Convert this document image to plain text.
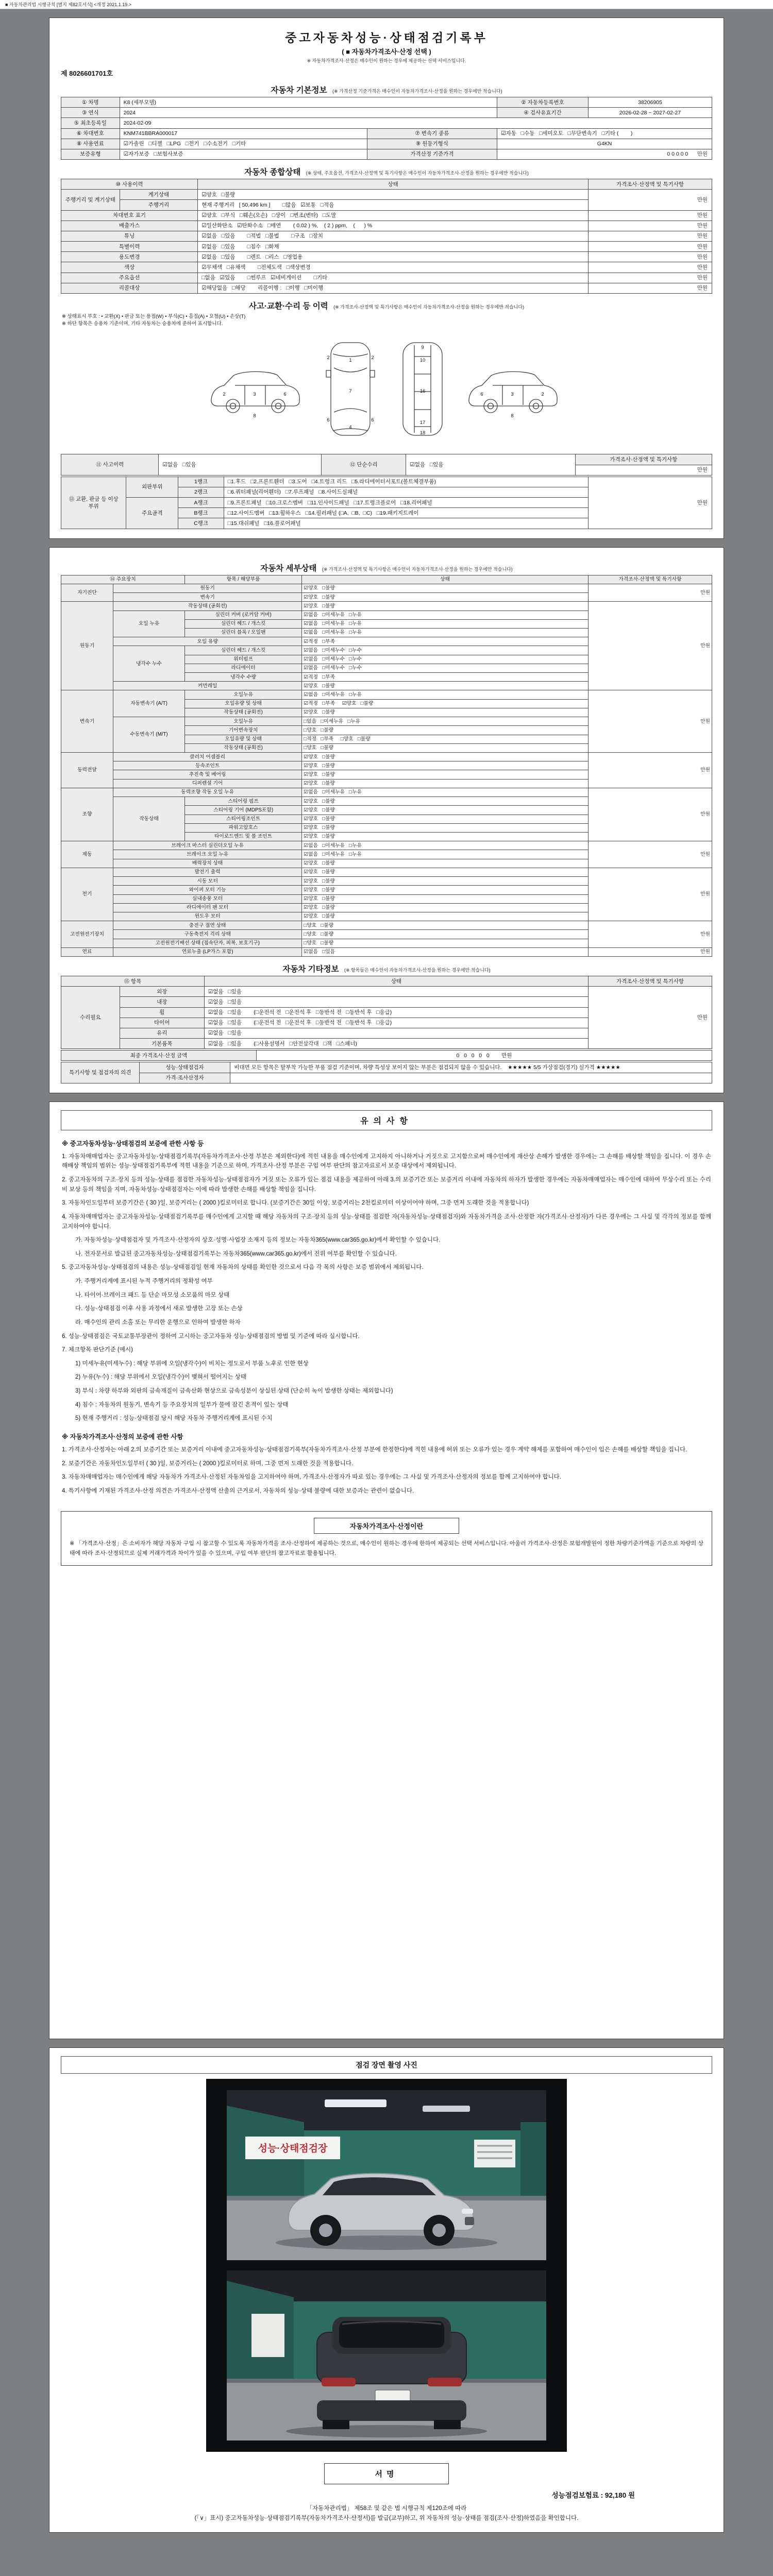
■ 자동차관리법 시행규칙 [별지 제82호서식] <개정 2021.1.19.>
중고자동차성능·상태점검기록부
( ■ 자동차가격조사·산정 선택 )
※ 자동차가격조사·산정은 매수인이 원하는 경우에 제공하는 선택 서비스입니다.
제 8026601701호
자동차 기본정보 (※ 가격산정 기준가격은 매수인이 자동차가격조사·산정을 원하는 경우에만 적습니다)
① 차명	K8 (세부모델)		② 자동차등록번호	38206905
③ 연식	2024		④ 검사유효기간	2026-02-28 ~ 2027-02-27
⑤ 최초등록일	2024-02-09			
⑥ 차대번호	KNM741BBRA000017	⑦ 변속기 종류	☑자동   □수동   □세미오토   □무단변속기   □기타 (        )	
⑧ 사용연료	☑가솔린   □디젤   □LPG   □전기   □수소전기   □기타	⑨ 원동기형식	G4KN	
보증유형	☑자가보증   □보험사보증	가격산정 기준가격	0 0 0 0 0      만원	
자동차 종합상태 (※ 상태, 주요옵션, 가격조사·산정액 및 특기사항은 매수인이 자동차가격조사·산정을 원하는 경우에만 적습니다)
⑩ 사용이력		상태	가격조사·산정액 및 특기사항
주행거리 및 계기상태	계기상태	☑양호   □불량	만원
	주행거리	현재 주행거리   [ 50,496 km ]        □많음   ☑보통   □적음	
차대번호 표기		☑양호   □부식   □훼손(오손)   □상이   □변조(변타)   □도말	만원
배출가스		☑일산화탄소   ☑탄화수소   □매연        ( 0.02 ) %,    ( 2 ) ppm,    (      ) %	만원
튜닝		☑없음   □있음        □적법   □불법        □구조   □장치	만원
특별이력		☑없음   □있음        □침수   □화재	만원
용도변경		☑없음   □있음        □렌트   □리스   □영업용	만원
색상		☑무채색   □유채색        □전체도색   □색상변경	만원
주요옵션		□없음   ☑있음        □썬루프   ☑네비게이션        □기타	만원
리콜대상		☑해당없음   □해당        리콜이행 :   □이행   □미이행	만원
사고·교환·수리 등 이력 (※ 가격조사·산정액 및 특기사항은 매수인이 자동차가격조사·산정을 원하는 경우에만 적습니다)
※ 상태표시 부호 : • 교환(X) • 판금 또는 용접(W) • 부식(C) • 흠집(A) • 요철(U) • 손상(T)
※ 하단 항목은 승용차 기준이며, 기타 자동차는 승용차에 준하여 표시합니다.
2	3	6
8
1
7
4
2	2
6	6
9
10
16
17
18
6	3	2
8
⑪ 사고이력	☑없음   □있음	⑫ 단순수리	☑없음   □있음	가격조사·산정액 및 특기사항
만원
⑬ 교환, 판금 등 이상 부위	외판부위	1랭크	□1.후드   □2.프론트휀더   □3.도어   □4.트렁크 리드   □5.라디에이터서포트(볼트체결부품)	만원
		2랭크	□6.쿼터패널(리어휀더)   □7.루프패널   □8.사이드실패널	
	주요골격	A랭크	□9.프론트패널   □10.크로스멤버   □11.인사이드패널   □17.트렁크플로어   □18.리어패널	
		B랭크	□12.사이드멤버   □13.휠하우스   □14.필러패널 (□A,  □B,  □C)   □19.패키지트레이	
		C랭크	□15.대쉬패널   □16.플로어패널	
자동차 세부상태 (※ 가격조사·산정액 및 특기사항은 매수인이 자동차가격조사·산정을 원하는 경우에만 적습니다)
⑭ 주요장치		항목 / 해당부품	상태	가격조사·산정액 및 특기사항
자기진단	원동기		☑양호   □불량	만원
	변속기		☑양호   □불량	
원동기	작동상태 (공회전)		☑양호   □불량	만원
	오일 누유	실린더 커버 (로커암 커버)	☑없음   □미세누유   □누유	
		실린더 헤드 / 개스킷	☑없음   □미세누유   □누유	
		실린더 블록 / 오일팬	☑없음   □미세누유   □누유	
	오일 유량		☑적정   □부족	
	냉각수 누수	실린더 헤드 / 개스킷	☑없음   □미세누수   □누수	
		워터펌프	☑없음   □미세누수   □누수	
		라디에이터	☑없음   □미세누수   □누수	
		냉각수 수량	☑적정   □부족	
	커먼레일		☑양호   □불량	
변속기	자동변속기 (A/T)	오일누유	☑없음   □미세누유   □누유	만원
		오일유량 및 상태	☑적정   □부족     ☑양호   □불량	
		작동상태 (공회전)	☑양호   □불량	
	수동변속기 (M/T)	오일누유	□없음   □미세누유   □누유	
		기어변속장치	□양호   □불량	
		오일유량 및 상태	□적정   □부족     □양호   □불량	
		작동상태 (공회전)	□양호   □불량	
동력전달	클러치 어셈블리		☑양호   □불량	만원
	등속조인트		☑양호   □불량	
	추진축 및 베어링		☑양호   □불량	
	디퍼렌셜 기어		☑양호   □불량	
조향	동력조향 작동 오일 누유		☑없음   □미세누유   □누유	만원
	작동상태	스티어링 펌프	☑양호   □불량	
		스티어링 기어 (MDPS포함)	☑양호   □불량	
		스티어링조인트	☑양호   □불량	
		파워고압호스	☑양호   □불량	
		타이로드엔드 및 볼 조인트	☑양호   □불량	
제동	브레이크 마스터 실린더오일 누유		☑없음   □미세누유   □누유	만원
	브레이크 오일 누유		☑없음   □미세누유   □누유	
	배력장치 상태		☑양호   □불량	
전기	발전기 출력		☑양호   □불량	만원
	시동 모터		☑양호   □불량	
	와이퍼 모터 기능		☑양호   □불량	
	실내송풍 모터		☑양호   □불량	
	라디에이터 팬 모터		☑양호   □불량	
	윈도우 모터		☑양호   □불량	
고전원전기장치	충전구 절연 상태		□양호   □불량	만원
	구동축전지 격리 상태		□양호   □불량	
	고전원전기배선 상태 (접속단자, 피복, 보호기구)		□양호   □불량	
연료	연료누출 (LP가스 포함)		☑없음   □있음	만원
자동차 기타정보 (※ 항목들은 매수인이 자동차가격조사·산정을 원하는 경우에만 적습니다)
⑮ 항목		상태	가격조사·산정액 및 특기사항
수리필요	외장	☑없음   □있음	만원
	내장	☑없음   □있음	
	휠	☑없음   □있음        (□운전석 전   □운전석 후   □동반석 전   □동반석 후   □응급)	
	타이어	☑없음   □있음        (□운전석 전   □운전석 후   □동반석 전   □동반석 후   □응급)	
	유리	☑없음   □있음	
	기본품목	☑없음   □있음        (□사용설명서   □안전삼각대   □잭   □스패너)	
최종 가격조사·산정 금액	0   0   0   0   0        만원
특기사항 및 점검자의 의견	성능·상태점검자	비대면 모든 항목은 탈부착 가능한 부품 점검 기준이며, 차량 특성상 보이지 않는 부분은 점검되지 않을 수 있습니다.    ★★★★★ 5/5 가상점검(경기) 실가격 ★★★★★
	가격·조사산정자	
유의사항
※ 중고자동차성능·상태점검의 보증에 관한 사항 등
1. 자동차매매업자는 중고자동차성능·상태점검기록부(자동차가격조사·산정 부분은 제외한다)에 적힌 내용을 매수인에게 고지하지 아니하거나 거짓으로 고지함으로써 매수인에게 재산상 손해가 발생한 경우에는 그 손해를 배상할 책임을 집니다. 이 경우 손해배상 책임의 범위는 성능·상태점검기록부에 적힌 내용을 기준으로 하며, 가격조사·산정 부분은 구입 여부 판단의 참고자료로서 보증 대상에서 제외됩니다.
2. 중고자동차의 구조·장치 등의 성능·상태를 점검한 자동차성능·상태점검자가 거짓 또는 오류가 있는 점검 내용을 제공하여 아래 3.의 보증기간 또는 보증거리 이내에 자동차의 하자가 발생한 경우에는 자동차매매업자는 매수인에 대하여 무상수리 또는 수리비 보상 등의 책임을 지며, 자동차성능·상태점검자는 이에 따라 발생한 손해를 배상할 책임을 집니다.
3. 자동차인도일부터 보증기간은 ( 30 )일, 보증거리는 ( 2000 )킬로미터로 합니다. (보증기간은 30일 이상, 보증거리는 2천킬로미터 이상이어야 하며, 그중 먼저 도래한 것을 적용합니다)
4. 자동차매매업자는 중고자동차성능·상태점검기록부를 매수인에게 고지할 때 해당 자동차의 구조·장치 등의 성능·상태를 점검한 자(자동차성능·상태점검자)와 자동차가격을 조사·산정한 자(가격조사·산정자)가 다른 경우에는 그 사실 및 각각의 정보를 함께 고지하여야 합니다.
가. 자동차성능·상태점검자 및 가격조사·산정자의 상호·성명·사업장 소재지 등의 정보는 자동차365(www.car365.go.kr)에서 확인할 수 있습니다.
나. 전자문서로 발급된 중고자동차성능·상태점검기록부는 자동차365(www.car365.go.kr)에서 진위 여부를 확인할 수 있습니다.
5. 중고자동차성능·상태점검의 내용은 성능·상태점검일 현재 자동차의 상태를 확인한 것으로서 다음 각 목의 사항은 보증 범위에서 제외됩니다.
가. 주행거리계에 표시된 누적 주행거리의 정확성 여부
나. 타이어·브레이크 패드 등 단순 마모성 소모품의 마모 상태
다. 성능·상태점검 이후 사용 과정에서 새로 발생한 고장 또는 손상
라. 매수인의 관리 소홀 또는 무리한 운행으로 인하여 발생한 하자
6. 성능·상태점검은 국토교통부장관이 정하여 고시하는 중고자동차 성능·상태점검의 방법 및 기준에 따라 실시합니다.
7. 체크항목 판단기준 (예시)
1) 미세누유(미세누수) : 해당 부위에 오일(냉각수)이 비치는 정도로서 부품 노후로 인한 현상
2) 누유(누수) : 해당 부위에서 오일(냉각수)이 맺혀서 떨어지는 상태
3) 부식 : 차량 하부와 외판의 금속재질이 금속산화 현상으로 금속성분이 상실된 상태 (단순히 녹이 발생한 상태는 제외합니다)
4) 침수 : 자동차의 원동기, 변속기 등 주요장치의 일부가 물에 잠긴 흔적이 있는 상태
5) 현재 주행거리 : 성능·상태점검 당시 해당 자동차 주행거리계에 표시된 수치
※ 자동차가격조사·산정의 보증에 관한 사항
1. 가격조사·산정자는 아래 2.의 보증기간 또는 보증거리 이내에 중고자동차성능·상태점검기록부(자동차가격조사·산정 부분에 한정한다)에 적힌 내용에 허위 또는 오류가 있는 경우 계약 해제를 포함하여 매수인이 입은 손해를 배상할 책임을 집니다.
2. 보증기간은 자동차인도일부터 ( 30 )일, 보증거리는 ( 2000 )킬로미터로 하며, 그중 먼저 도래한 것을 적용합니다.
3. 자동차매매업자는 매수인에게 해당 자동차가 가격조사·산정된 자동차임을 고지하여야 하며, 가격조사·산정자가 따로 있는 경우에는 그 사실 및 가격조사·산정자의 정보를 함께 고지하여야 합니다.
4. 특기사항에 기재된 가격조사·산정 의견은 가격조사·산정액 산출의 근거로서, 자동차의 성능·상태 불량에 대한 보증과는 관련이 없습니다.
자동차가격조사·산정이란
※ 「가격조사·산정」은 소비자가 해당 자동차 구입 시 참고할 수 있도록 자동차가격을 조사·산정하여 제공하는 것으로, 매수인이 원하는 경우에 한하여 제공되는 선택 서비스입니다. 아울러 가격조사·산정은 보험개발원이 정한 차량기준가액을 기준으로 차량의 상태에 따라 조사·산정되므로 실제 거래가격과 차이가 있을 수 있으며, 구입 여부 판단의 참고자료로 활용됩니다.
점검 장면 촬영 사진
성능·상태점검장
서명
성능점검보험료 : 92,180 원
「자동차관리법」 제58조 및 같은 법 시행규칙 제120조에 따라
(「∨」표시) 중고자동차성능·상태점검기록부(자동차가격조사·산정서)를 발급(교부)하고, 위 자동차의 성능·상태를 점검(조사·산정)하였음을 확인합니다.
